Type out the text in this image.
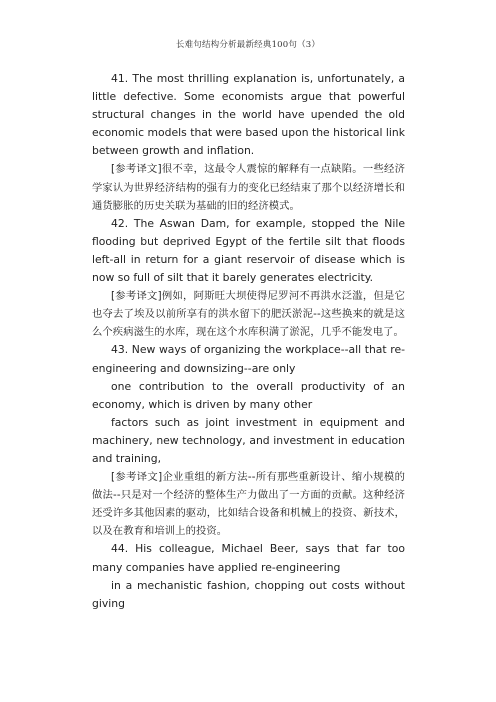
长难句结构分析最新经典100句（3）

41. The most thrilling explanation is, unfortunately, a little defective. Some economists argue that powerful structural changes in the world have upended the old economic models that were based upon the historical link between growth and inflation.

[参考译文]很不幸，这最令人震惊的解释有一点缺陷。一些经济学家认为世界经济结构的强有力的变化已经结束了那个以经济增长和通货膨胀的历史关联为基础的旧的经济模式。

42. The Aswan Dam, for example, stopped the Nile flooding but deprived Egypt of the fertile silt that floods left-all in return for a giant reservoir of disease which is now so full of silt that it barely generates electricity.

[参考译文]例如，阿斯旺大坝使得尼罗河不再洪水泛滥，但是它也夺去了埃及以前所享有的洪水留下的肥沃淤泥--这些换来的就是这么个疾病滋生的水库，现在这个水库积满了淤泥，几乎不能发电了。

43. New ways of organizing the workplace--all that re-engineering and downsizing--are only

one contribution to the overall productivity of an economy, which is driven by many other

factors such as joint investment in equipment and machinery, new technology, and investment in education and training,

[参考译文]企业重组的新方法--所有那些重新设计、缩小规模的做法--只是对一个经济的整体生产力做出了一方面的贡献。这种经济还受许多其他因素的驱动，比如结合设备和机械上的投资、新技术，以及在教育和培训上的投资。

44. His colleague, Michael Beer, says that far too many companies have applied re-engineering

in a mechanistic fashion, chopping out costs without giving
